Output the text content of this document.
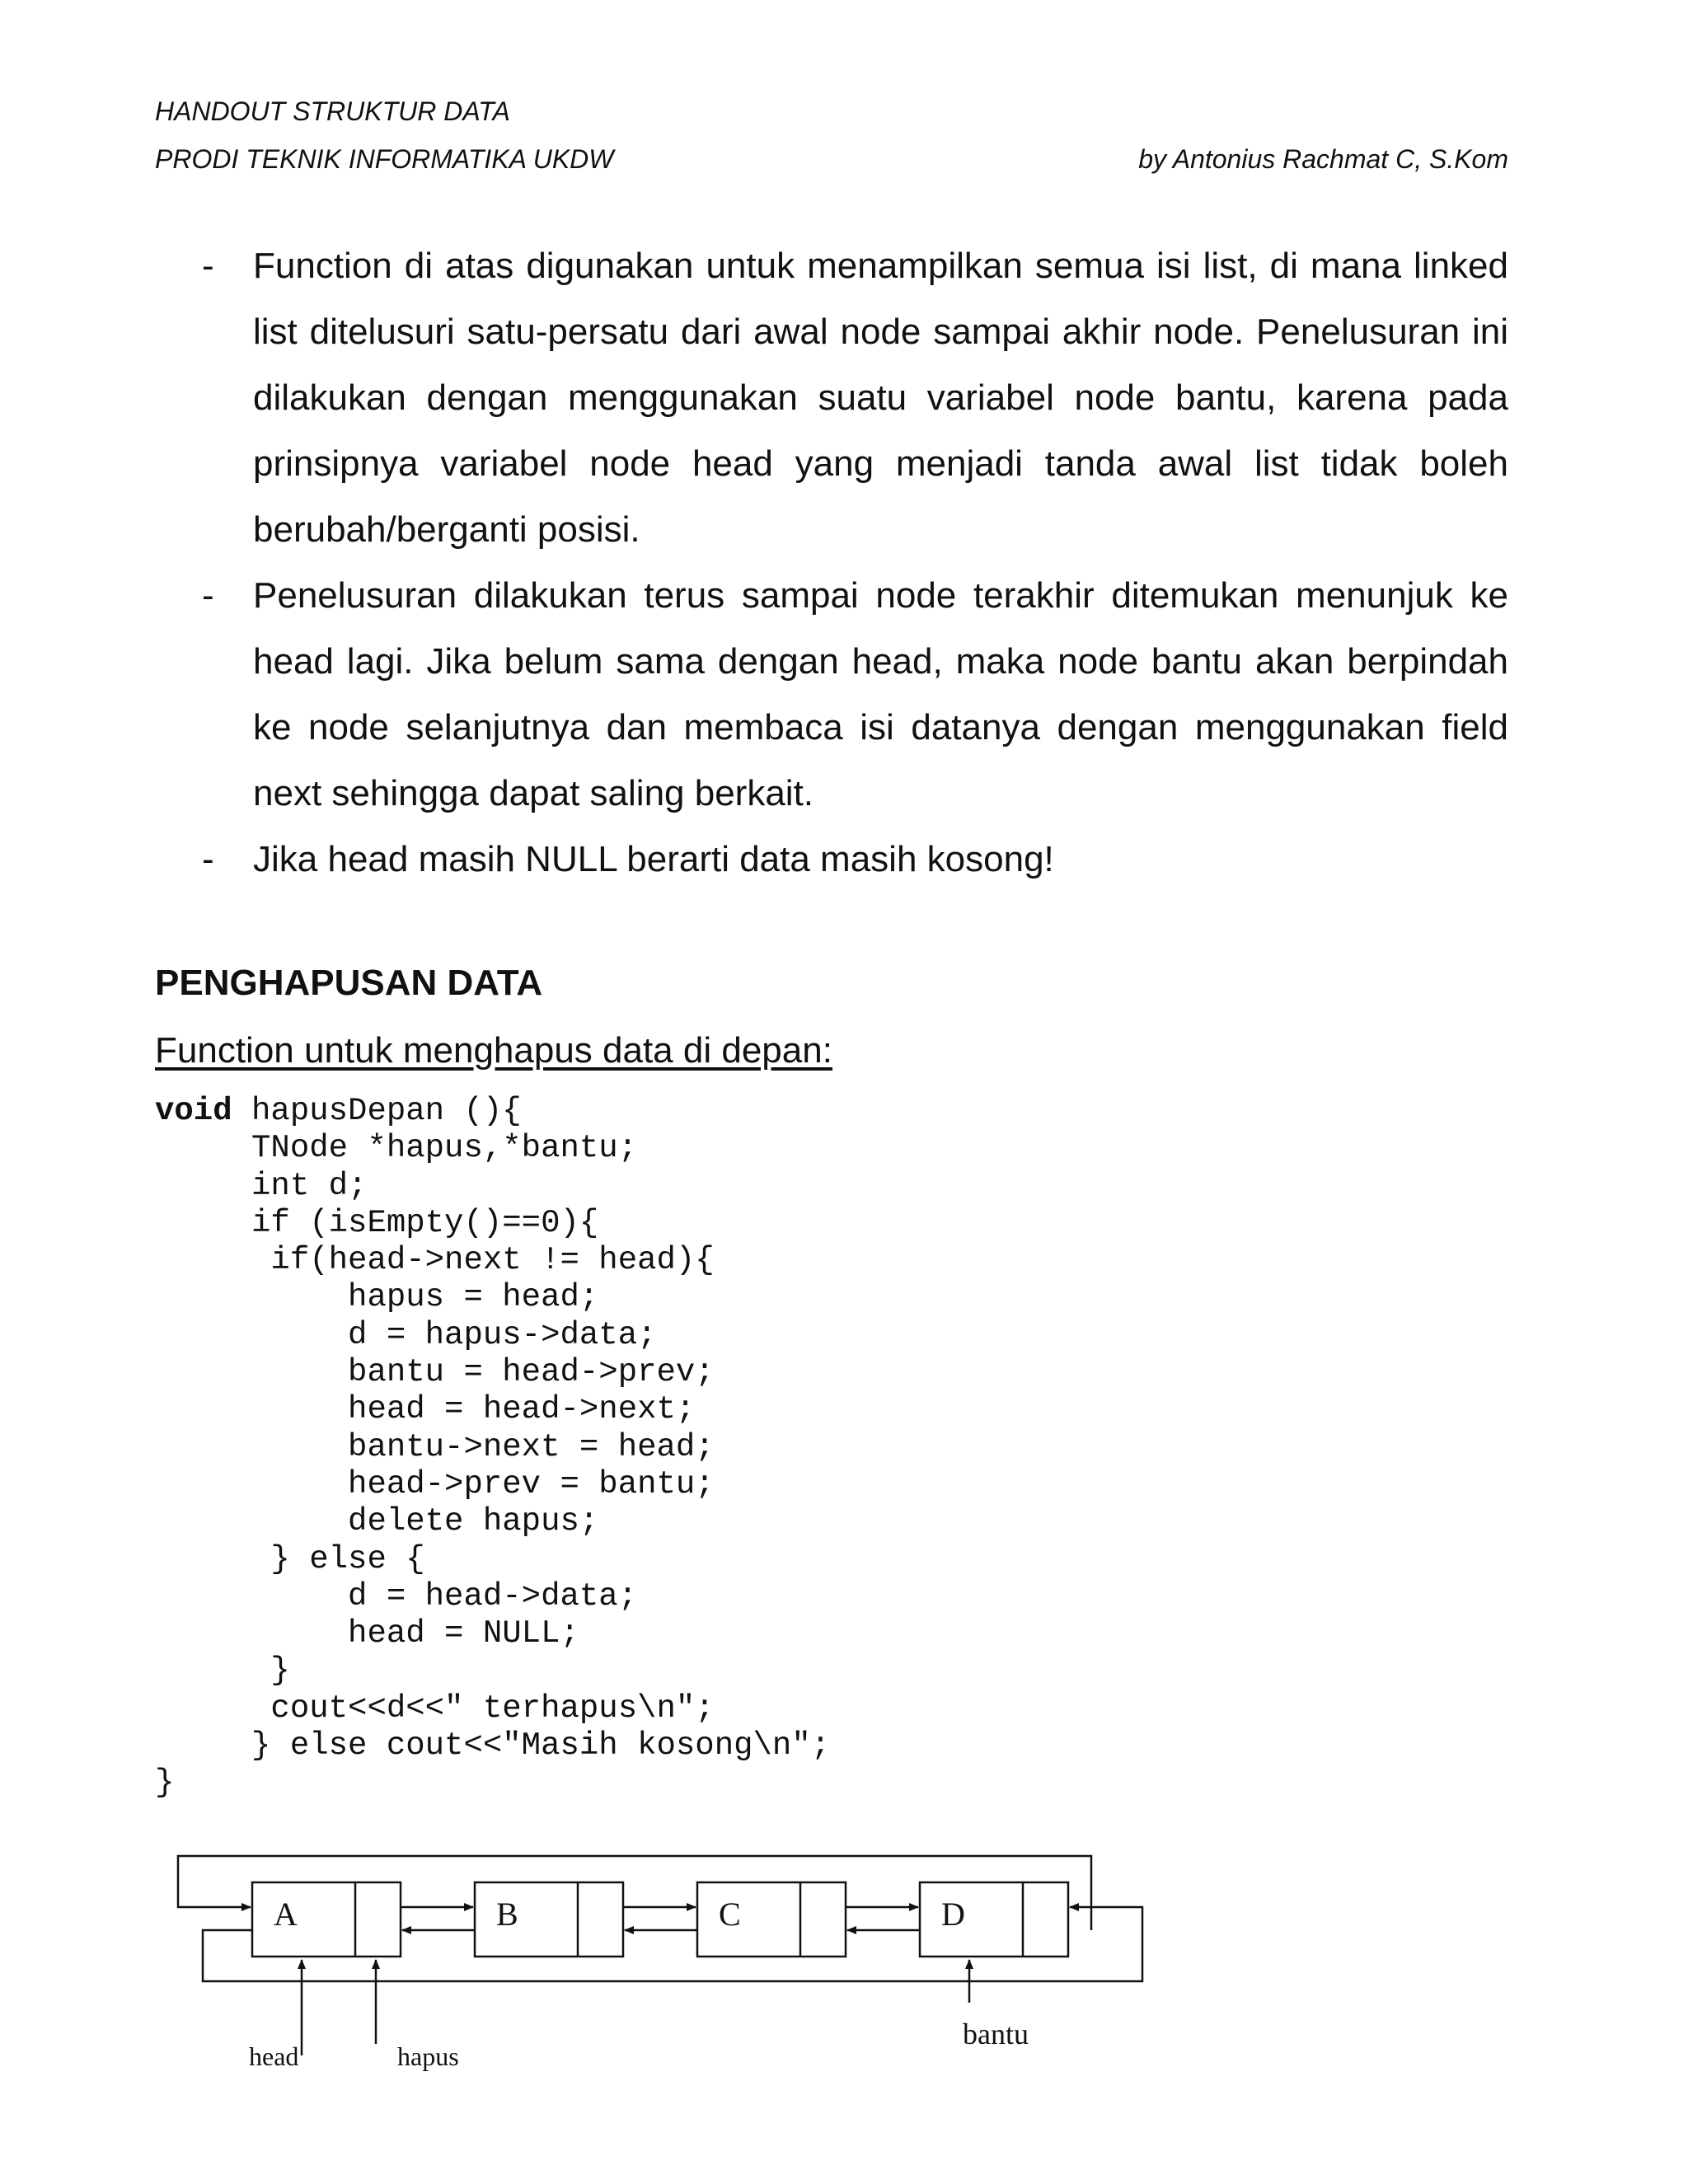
HANDOUT STRUKTUR DATA
PRODI TEKNIK INFORMATIKA UKDW	by Antonius Rachmat C, S.Kom
- Function di atas digunakan untuk menampilkan semua isi list, di mana linked list ditelusuri satu-persatu dari awal node sampai akhir node. Penelusuran ini dilakukan dengan menggunakan suatu variabel node bantu, karena pada prinsipnya variabel node head yang menjadi tanda awal list tidak boleh berubah/berganti posisi.
- Penelusuran dilakukan terus sampai node terakhir ditemukan menunjuk ke head lagi. Jika belum sama dengan head, maka node bantu akan berpindah ke node selanjutnya dan membaca isi datanya dengan menggunakan field next sehingga dapat saling berkait.
- Jika head masih NULL berarti data masih kosong!
PENGHAPUSAN DATA
Function untuk menghapus data di depan:
void hapusDepan (){
TNode *hapus,*bantu;
int d;
if (isEmpty()==0){
if(head->next != head){
hapus = head;
d = hapus->data;
bantu = head->prev;
head = head->next;
bantu->next = head;
head->prev = bantu;
delete hapus;
} else {
d = head->data;
head = NULL;
}
cout<<d<<" terhapus\n";
} else cout<<"Masih kosong\n";
}
A	B	C	D
head	hapus
bantu
